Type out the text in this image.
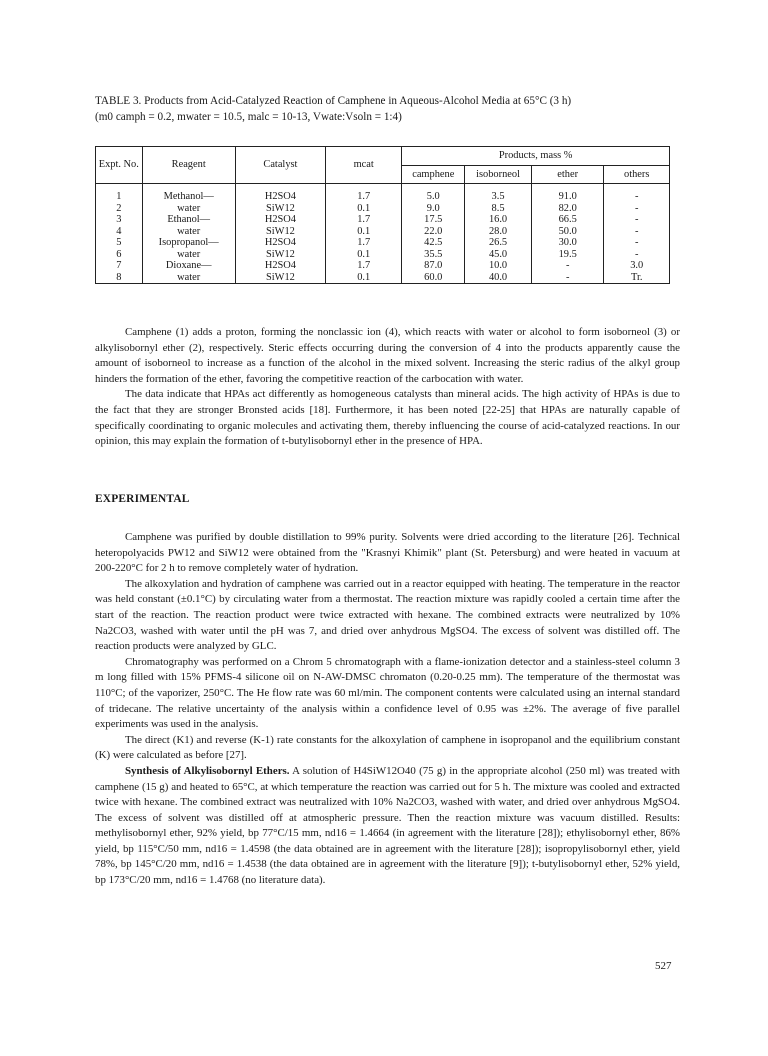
TABLE 3. Products from Acid-Catalyzed Reaction of Camphene in Aqueous-Alcohol Media at 65°C (3 h)
(m0 camph = 0.2, mwater = 10.5, malc = 10-13, Vwate:Vsoln = 1:4)
Expt. No.	Reagent	Catalyst	mcat	Products, mass %			
				camphene	isoborneol	ether	others
1	Methanol—	H2SO4	1.7	5.0	3.5	91.0	-
2	water	SiW12	0.1	9.0	8.5	82.0	-
3	Ethanol—	H2SO4	1.7	17.5	16.0	66.5	-
4	water	SiW12	0.1	22.0	28.0	50.0	-
5	Isopropanol—	H2SO4	1.7	42.5	26.5	30.0	-
6	water	SiW12	0.1	35.5	45.0	19.5	-
7	Dioxane—	H2SO4	1.7	87.0	10.0	-	3.0
8	water	SiW12	0.1	60.0	40.0	-	Tr.

Camphene (1) adds a proton, forming the nonclassic ion (4), which reacts with water or alcohol to form isoborneol (3) or alkylisobornyl ether (2), respectively. Steric effects occurring during the conversion of 4 into the products apparently cause the amount of isoborneol to increase as a function of the alcohol in the mixed solvent. Increasing the steric radius of the alkyl group hinders the formation of the ether, favoring the competitive reaction of the carbocation with water.

The data indicate that HPAs act differently as homogeneous catalysts than mineral acids. The high activity of HPAs is due to the fact that they are stronger Bronsted acids [18]. Furthermore, it has been noted [22-25] that HPAs are naturally capable of specifically coordinating to organic molecules and activating them, thereby influencing the course of acid-catalyzed reactions. In our opinion, this may explain the formation of t-butylisobornyl ether in the presence of HPA.

EXPERIMENTAL

Camphene was purified by double distillation to 99% purity. Solvents were dried according to the literature [26]. Technical heteropolyacids PW12 and SiW12 were obtained from the "Krasnyi Khimik" plant (St. Petersburg) and were heated in vacuum at 200-220°C for 2 h to remove completely water of hydration.

The alkoxylation and hydration of camphene was carried out in a reactor equipped with heating. The temperature in the reactor was held constant (±0.1°C) by circulating water from a thermostat. The reaction mixture was rapidly cooled a certain time after the start of the reaction. The reaction product were twice extracted with hexane. The combined extracts were neutralized by 10% Na2CO3, washed with water until the pH was 7, and dried over anhydrous MgSO4. The excess of solvent was distilled off. The reaction products were analyzed by GLC.

Chromatography was performed on a Chrom 5 chromatograph with a flame-ionization detector and a stainless-steel column 3 m long filled with 15% PFMS-4 silicone oil on N-AW-DMSC chromaton (0.20-0.25 mm). The temperature of the thermostat was 110°C; of the vaporizer, 250°C. The He flow rate was 60 ml/min. The component contents were calculated using an internal standard of tridecane. The relative uncertainty of the analysis within a confidence level of 0.95 was ±2%. The average of five parallel experiments was used in the analysis.

The direct (K1) and reverse (K-1) rate constants for the alkoxylation of camphene in isopropanol and the equilibrium constant (K) were calculated as before [27].

Synthesis of Alkylisobornyl Ethers. A solution of H4SiW12O40 (75 g) in the appropriate alcohol (250 ml) was treated with camphene (15 g) and heated to 65°C, at which temperature the reaction was carried out for 5 h. The mixture was cooled and extracted twice with hexane. The combined extract was neutralized with 10% Na2CO3, washed with water, and dried over anhydrous MgSO4. The excess of solvent was distilled off at atmospheric pressure. Then the reaction mixture was vacuum distilled. Results: methylisobornyl ether, 92% yield, bp 77°C/15 mm, nd16 = 1.4664 (in agreement with the literature [28]); ethylisobornyl ether, 86% yield, bp 115°C/50 mm, nd16 = 1.4598 (the data obtained are in agreement with the literature [28]); isopropylisobornyl ether, yield 78%, bp 145°C/20 mm, nd16 = 1.4538 (the data obtained are in agreement with the literature [9]); t-butylisobornyl ether, 52% yield, bp 173°C/20 mm, nd16 = 1.4768 (no literature data).

527
